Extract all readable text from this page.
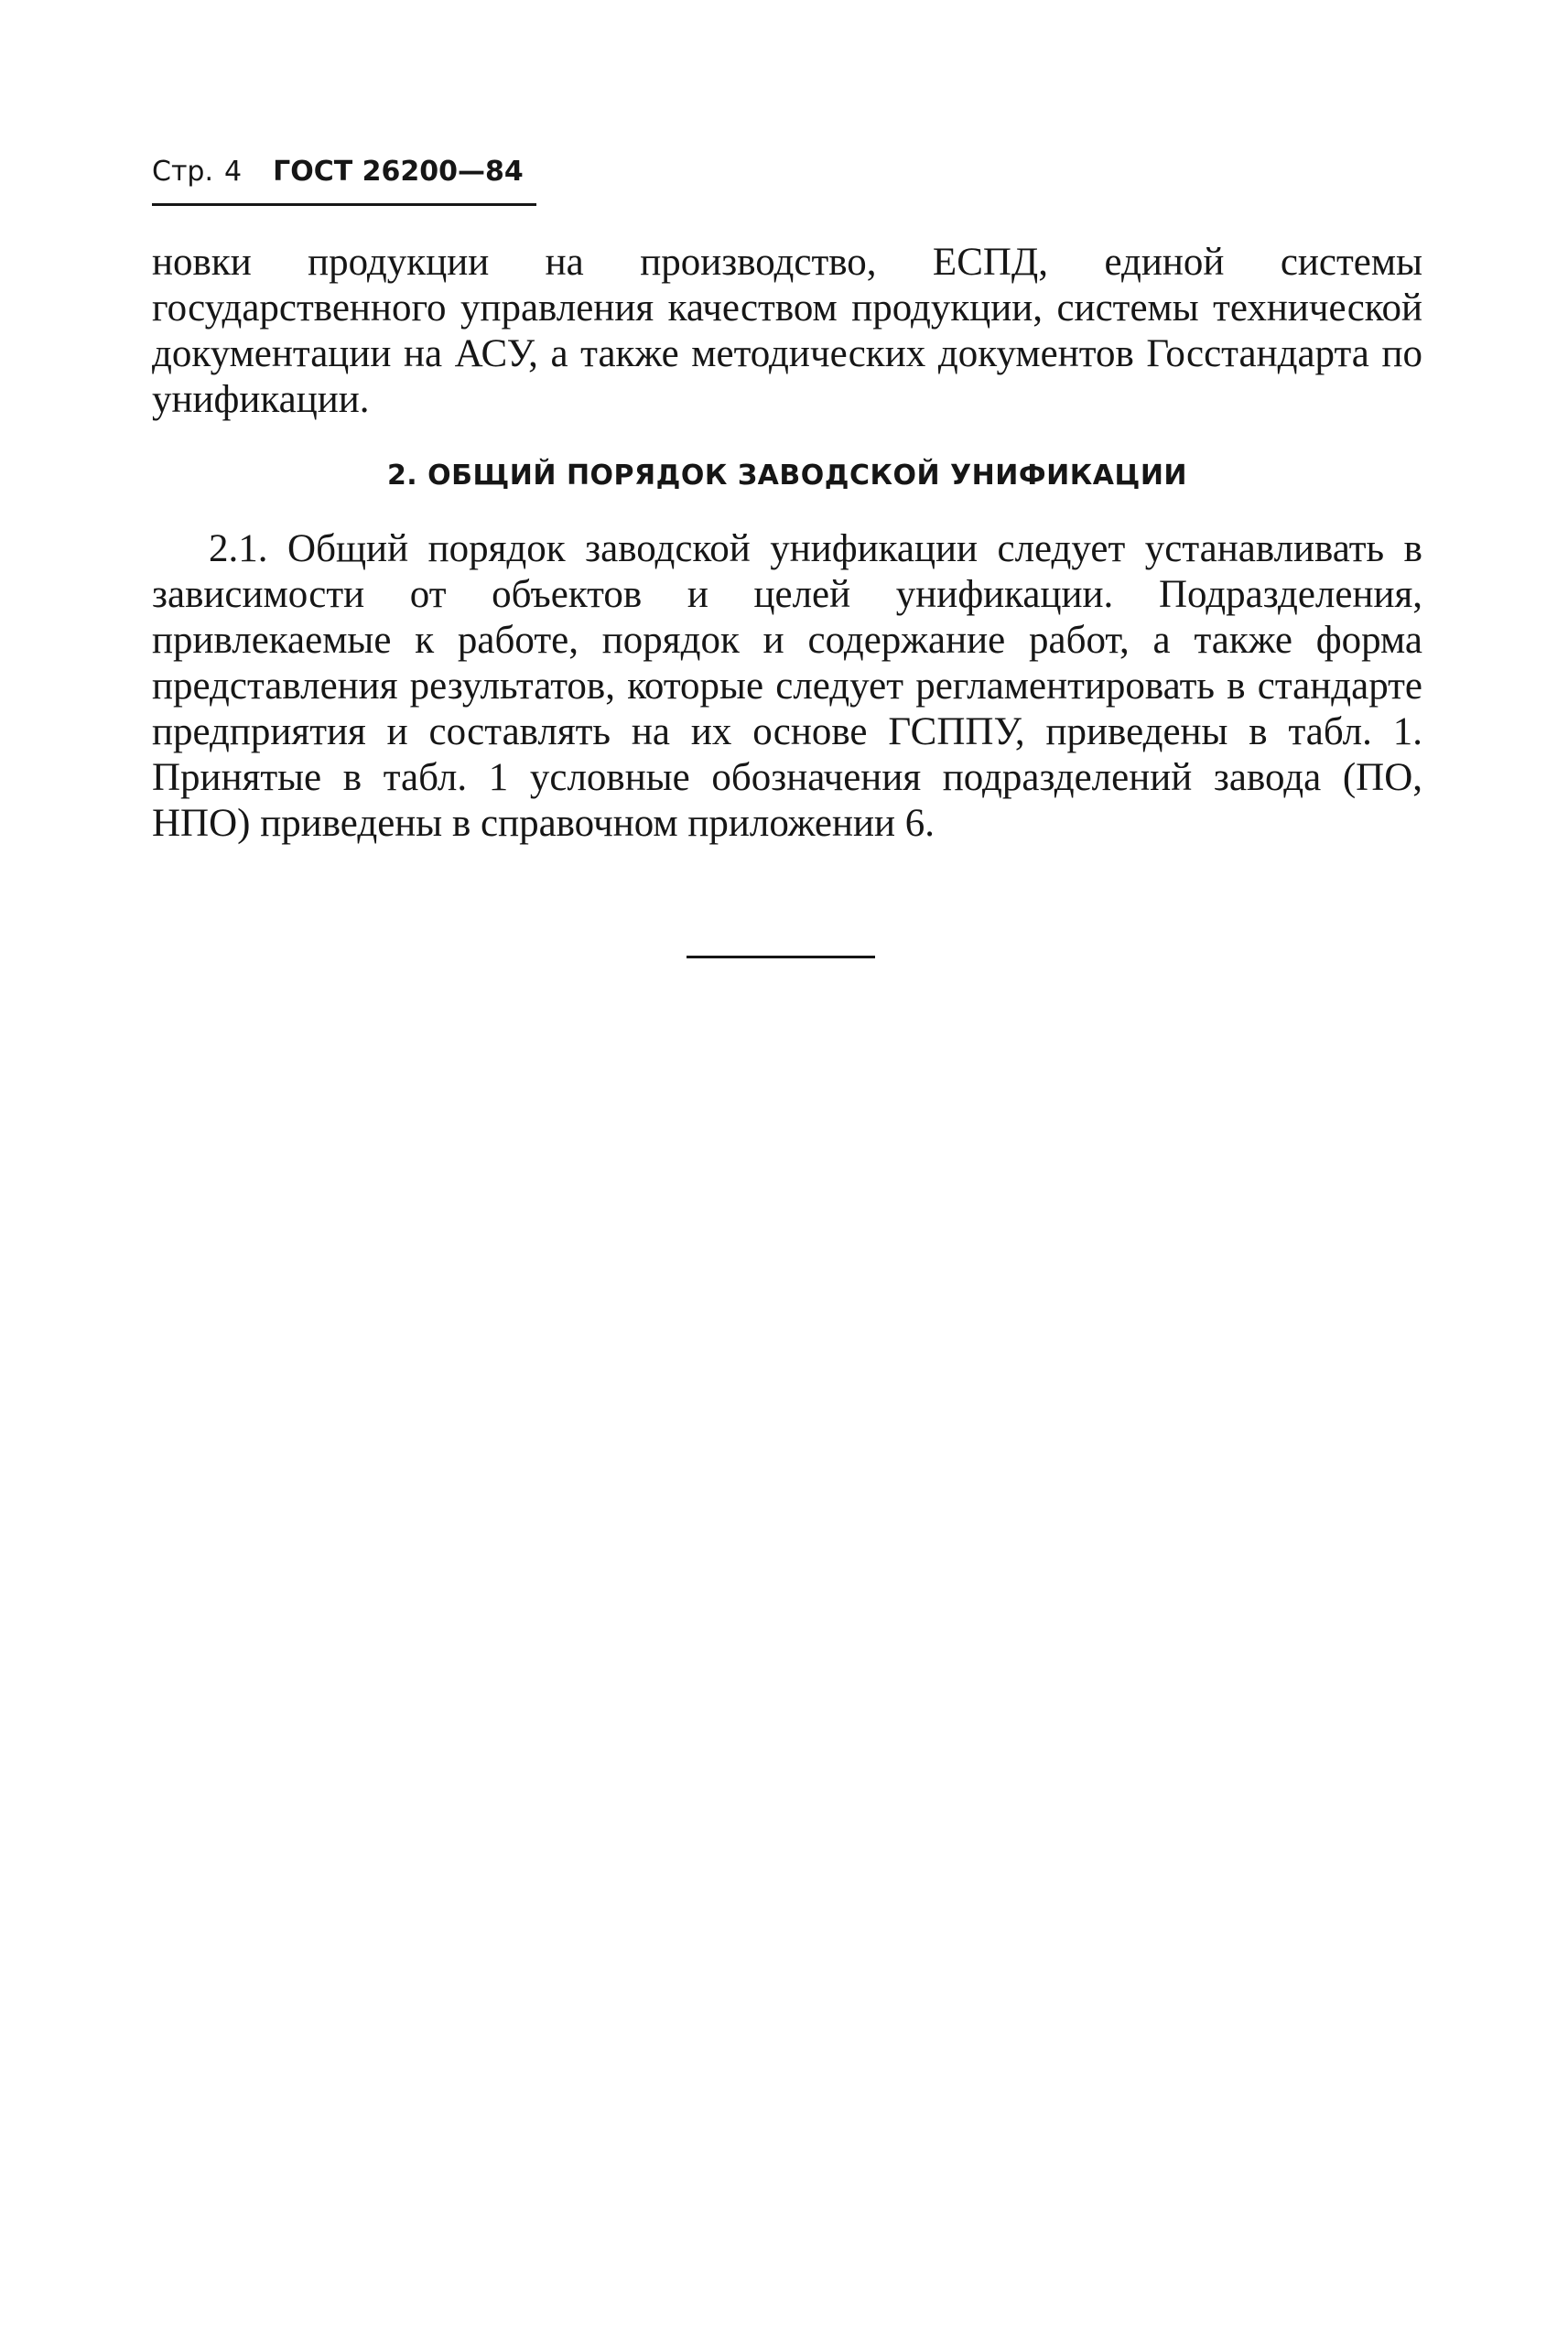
Стр. 4 ГОСТ 26200—84

новки продукции на производство, ЕСПД, единой системы государственного управления качеством продукции, системы технической документации на АСУ, а также методических документов Госстандарта по унификации.

2. ОБЩИЙ ПОРЯДОК ЗАВОДСКОЙ УНИФИКАЦИИ

2.1. Общий порядок заводской унификации следует устанавливать в зависимости от объектов и целей унификации. Подразделения, привлекаемые к работе, порядок и содержание работ, а также форма представления результатов, которые следует регламентировать в стандарте предприятия и составлять на их основе ГСППУ, приведены в табл. 1. Принятые в табл. 1 условные обозначения подразделений завода (ПО, НПО) приведены в справочном приложении 6.
